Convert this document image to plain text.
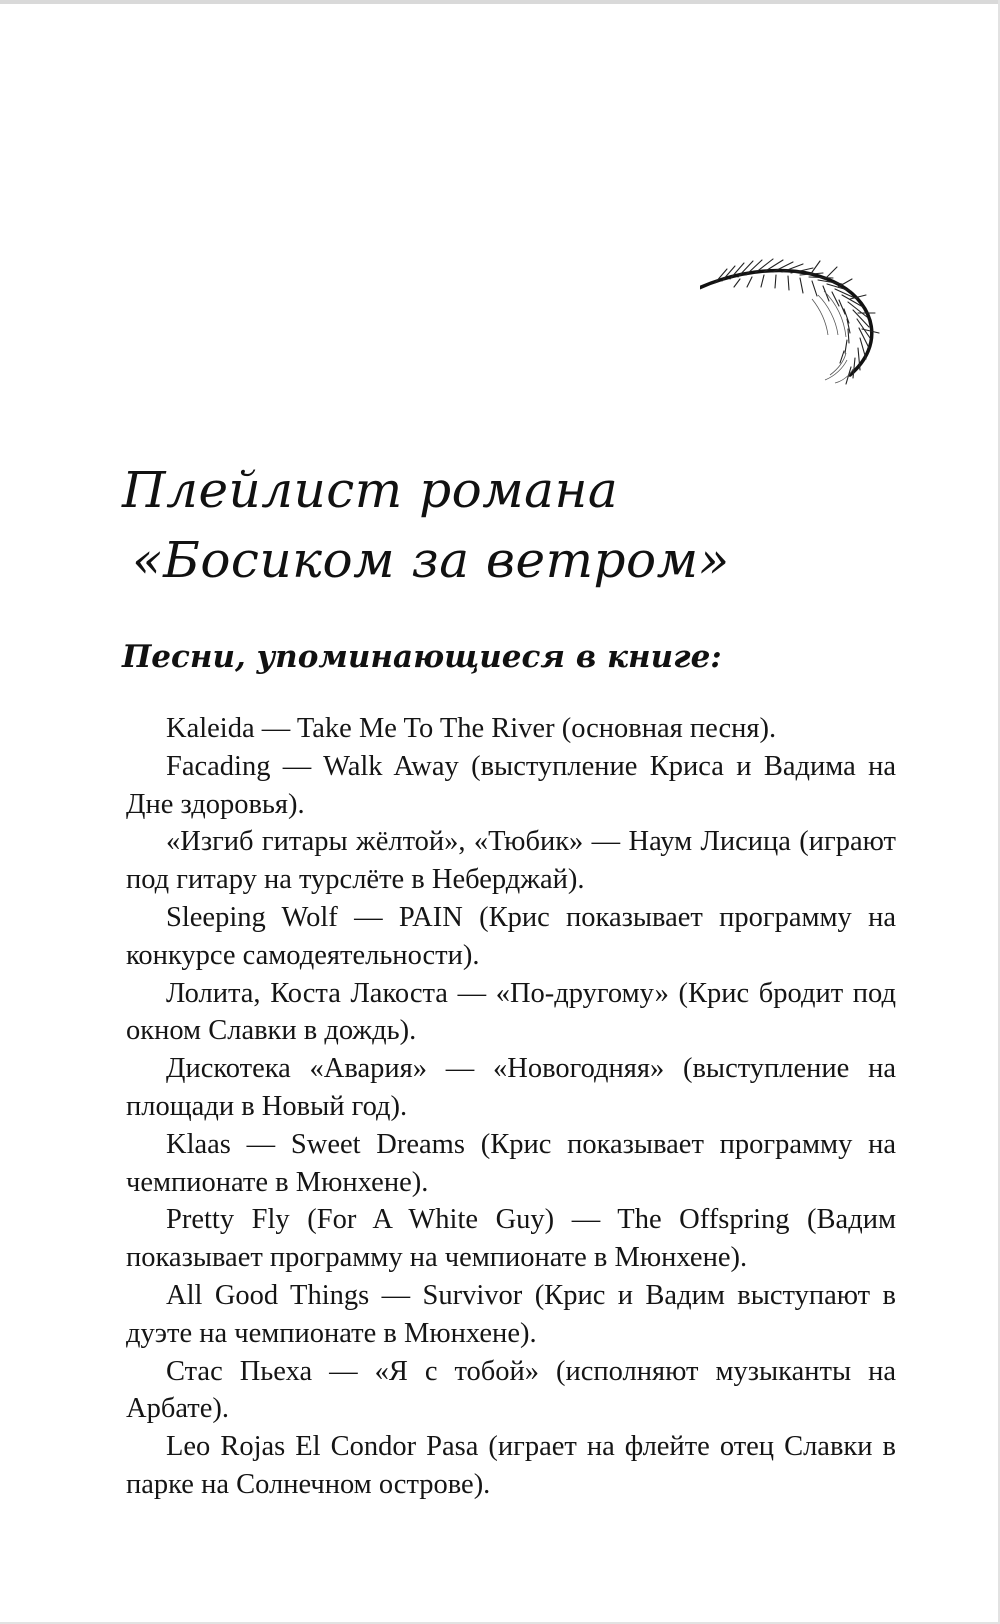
Плейлист романа
«Босиком за ветром»
Песни, упоминающиеся в книге:

Kaleida — Take Me To The River (основная песня).

Facading — Walk Away (выступление Криса и Вадима на Дне здоровья).

«Изгиб гитары жёлтой», «Тюбик» — Наум Лисица (играют под гитару на турслёте в Неберджай).

Sleeping Wolf — PAIN (Крис показывает программу на конкурсе самодеятельности).

Лолита, Коста Лакоста — «По-другому» (Крис бродит под окном Славки в дождь).

Дискотека «Авария» — «Новогодняя» (выступление на площади в Новый год).

Klaas — Sweet Dreams (Крис показывает программу на чемпионате в Мюнхене).

Pretty Fly (For A White Guy) — The Offspring (Вадим показывает программу на чемпионате в Мюнхене).

All Good Things — Survivor (Крис и Вадим выступают в дуэте на чемпионате в Мюнхене).

Стас Пьеха — «Я с тобой» (исполняют музыканты на Арбате).

Leo Rojas El Condor Pasa (играет на флейте отец Славки в парке на Солнечном острове).
